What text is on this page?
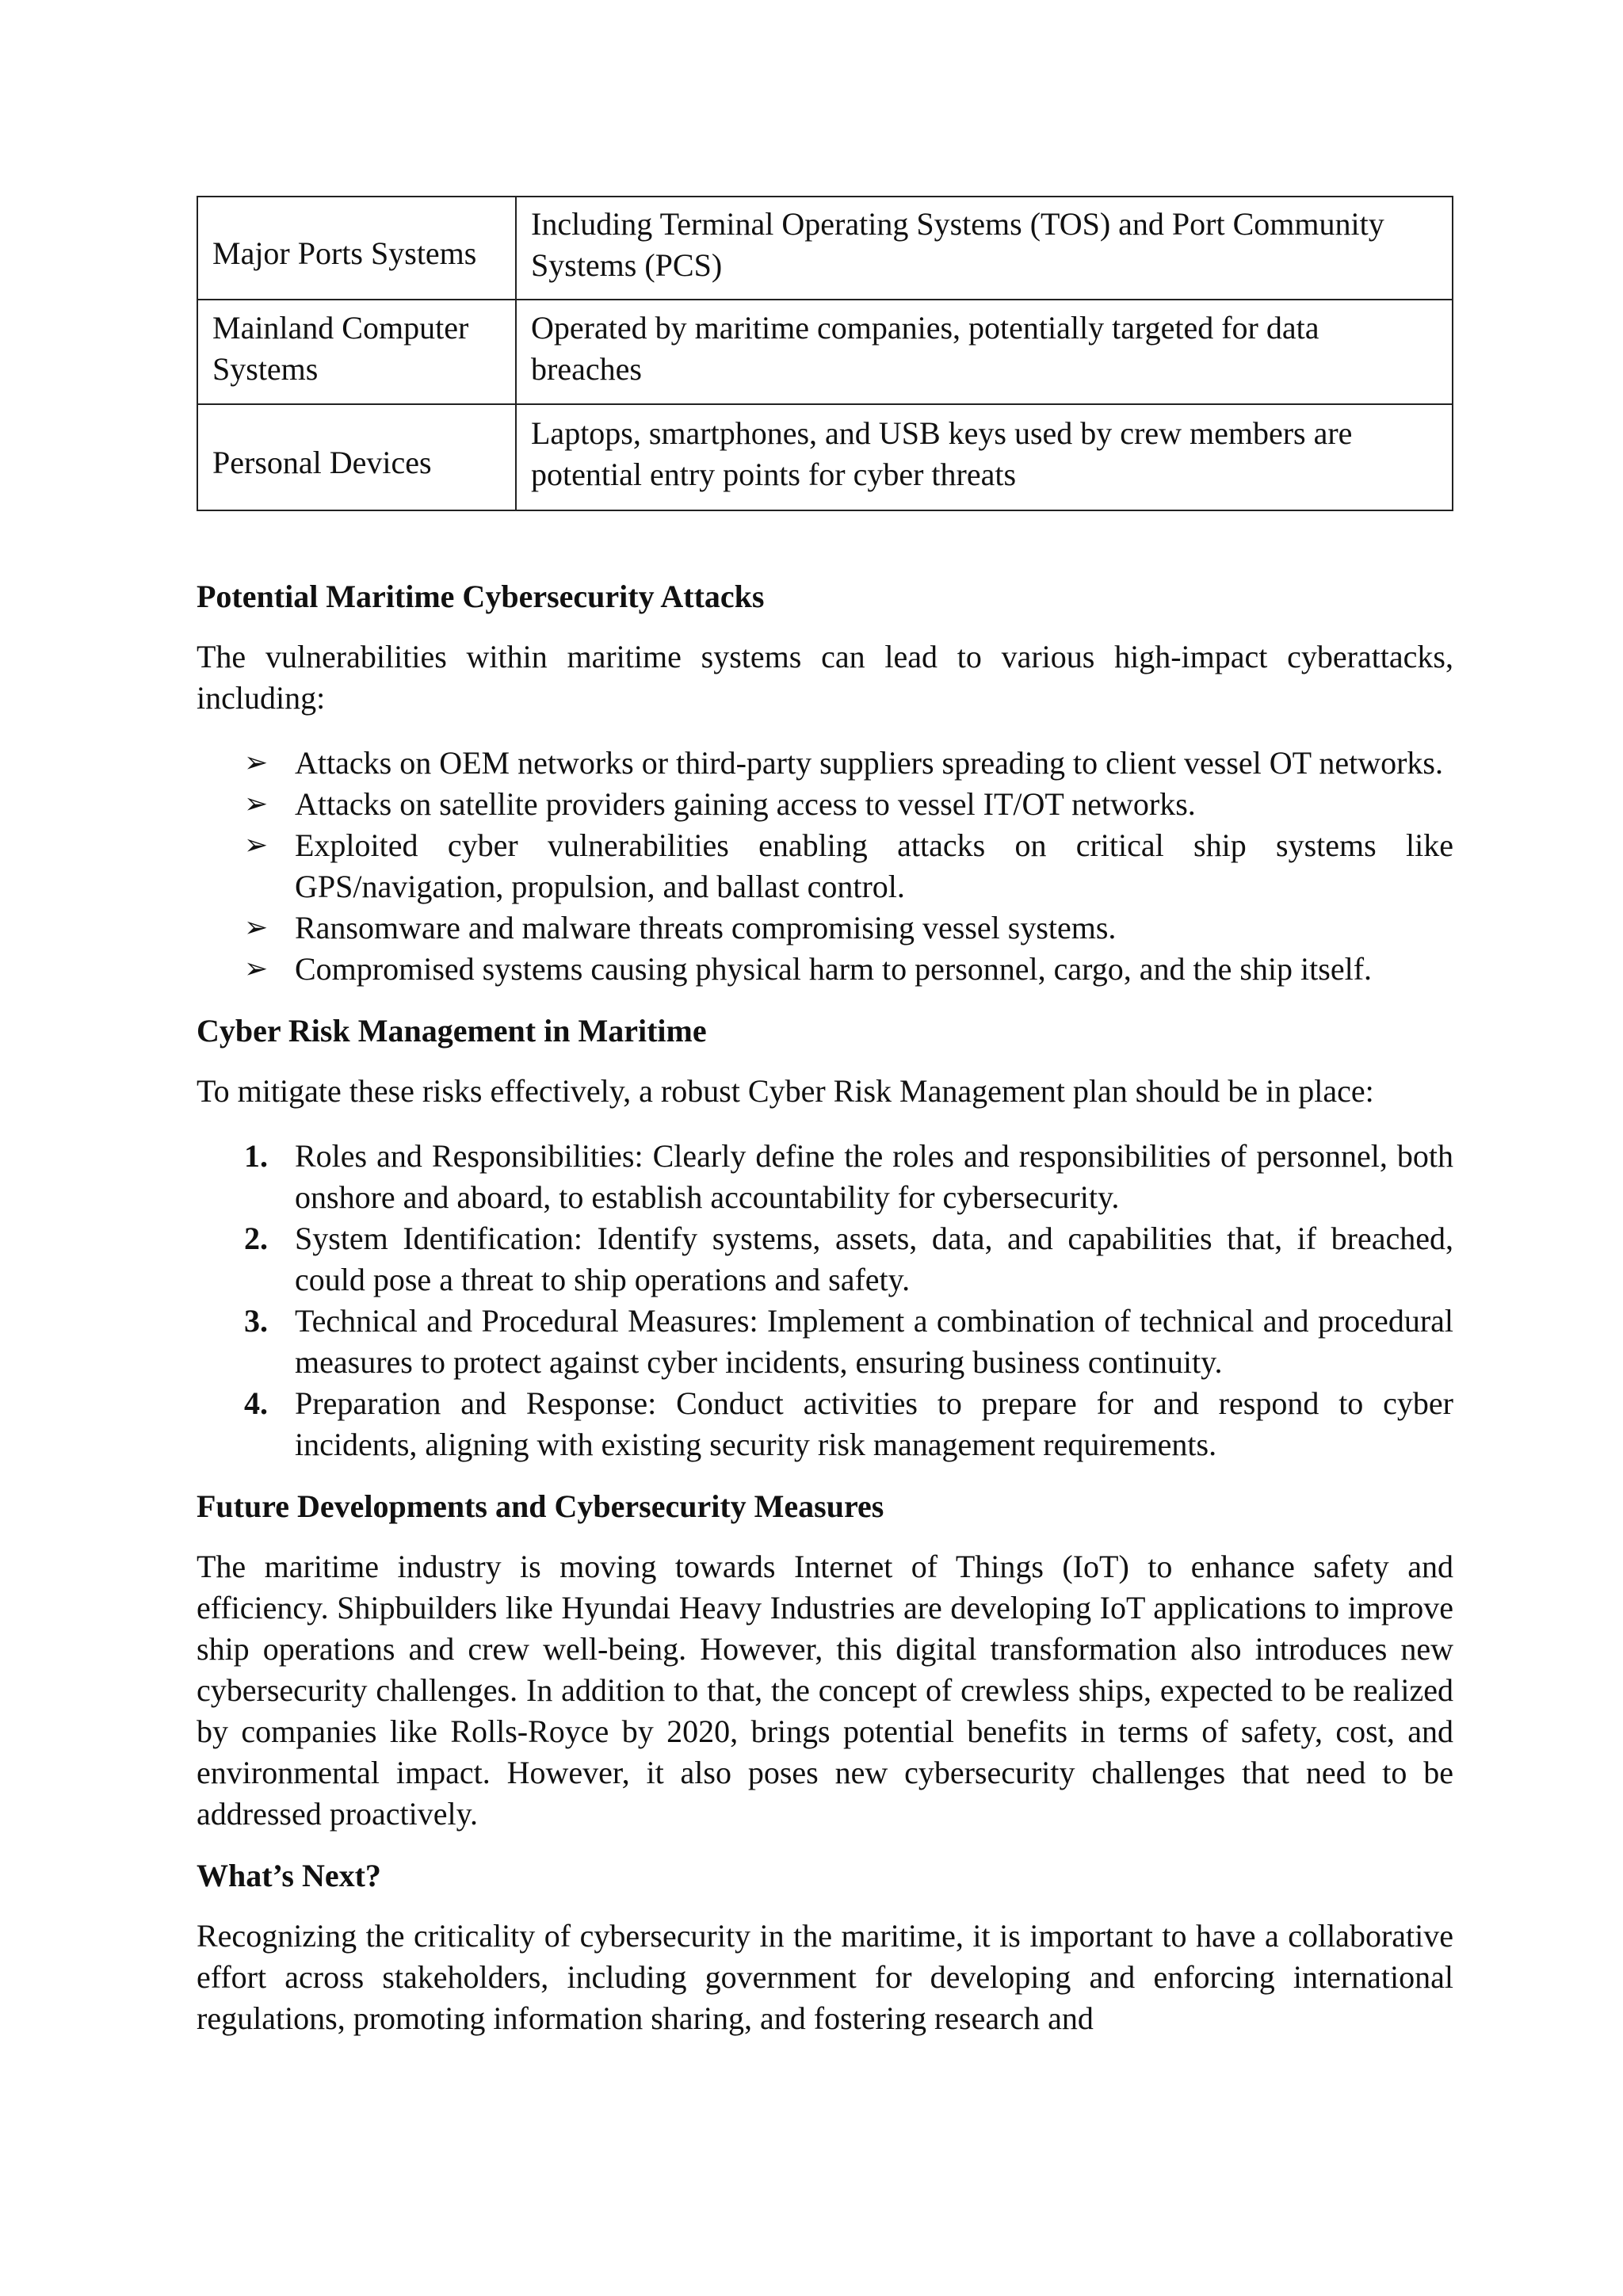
Major Ports Systems	Including Terminal Operating Systems (TOS) and Port Community Systems (PCS)
Mainland Computer Systems	Operated by maritime companies, potentially targeted for data breaches
Personal Devices	Laptops, smartphones, and USB keys used by crew members are potential entry points for cyber threats
Potential Maritime Cybersecurity Attacks

The vulnerabilities within maritime systems can lead to various high-impact cyberattacks, including:

➢ Attacks on OEM networks or third-party suppliers spreading to client vessel OT networks.
➢ Attacks on satellite providers gaining access to vessel IT/OT networks.
➢ Exploited cyber vulnerabilities enabling attacks on critical ship systems like GPS/navigation, propulsion, and ballast control.
➢ Ransomware and malware threats compromising vessel systems.
➢ Compromised systems causing physical harm to personnel, cargo, and the ship itself.
Cyber Risk Management in Maritime

To mitigate these risks effectively, a robust Cyber Risk Management plan should be in place:

1. Roles and Responsibilities: Clearly define the roles and responsibilities of personnel, both onshore and aboard, to establish accountability for cybersecurity.
2. System Identification: Identify systems, assets, data, and capabilities that, if breached, could pose a threat to ship operations and safety.
3. Technical and Procedural Measures: Implement a combination of technical and procedural measures to protect against cyber incidents, ensuring business continuity.
4. Preparation and Response: Conduct activities to prepare for and respond to cyber incidents, aligning with existing security risk management requirements.
Future Developments and Cybersecurity Measures

The maritime industry is moving towards Internet of Things (IoT) to enhance safety and efficiency. Shipbuilders like Hyundai Heavy Industries are developing IoT applications to improve ship operations and crew well-being. However, this digital transformation also introduces new cybersecurity challenges. In addition to that, the concept of crewless ships, expected to be realized by companies like Rolls-Royce by 2020, brings potential benefits in terms of safety, cost, and environmental impact. However, it also poses new cybersecurity challenges that need to be addressed proactively.

What’s Next?

Recognizing the criticality of cybersecurity in the maritime, it is important to have a collaborative effort across stakeholders, including government for developing and enforcing international regulations, promoting information sharing, and fostering research and
